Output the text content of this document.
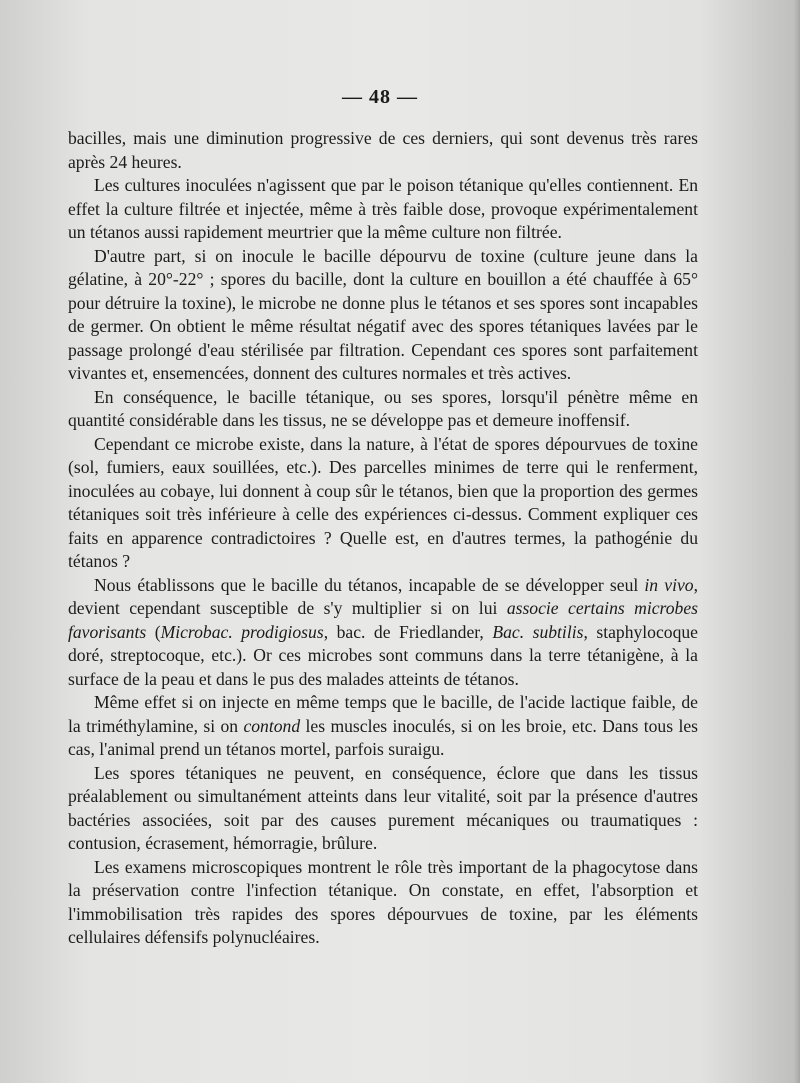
— 48 —

bacilles, mais une diminution progressive de ces derniers, qui sont devenus très rares après 24 heures.

Les cultures inoculées n'agissent que par le poison tétanique qu'elles contiennent. En effet la culture filtrée et injectée, même à très faible dose, provoque expérimentalement un tétanos aussi rapidement meurtrier que la même culture non filtrée.

D'autre part, si on inocule le bacille dépourvu de toxine (culture jeune dans la gélatine, à 20°-22° ; spores du bacille, dont la culture en bouillon a été chauffée à 65° pour détruire la toxine), le microbe ne donne plus le tétanos et ses spores sont incapables de germer. On obtient le même résultat négatif avec des spores tétaniques lavées par le passage prolongé d'eau stérilisée par filtration. Cependant ces spores sont parfaitement vivantes et, ensemencées, donnent des cultures normales et très actives.

En conséquence, le bacille tétanique, ou ses spores, lorsqu'il pénètre même en quantité considérable dans les tissus, ne se développe pas et demeure inoffensif.

Cependant ce microbe existe, dans la nature, à l'état de spores dépourvues de toxine (sol, fumiers, eaux souillées, etc.). Des parcelles minimes de terre qui le renferment, inoculées au cobaye, lui donnent à coup sûr le tétanos, bien que la proportion des germes tétaniques soit très inférieure à celle des expériences ci-dessus. Comment expliquer ces faits en apparence contradictoires ? Quelle est, en d'autres termes, la pathogénie du tétanos ?

Nous établissons que le bacille du tétanos, incapable de se développer seul in vivo, devient cependant susceptible de s'y multiplier si on lui associe certains microbes favorisants (Microbac. prodigiosus, bac. de Friedlander, Bac. subtilis, staphylocoque doré, streptocoque, etc.). Or ces microbes sont communs dans la terre tétanigène, à la surface de la peau et dans le pus des malades atteints de tétanos.

Même effet si on injecte en même temps que le bacille, de l'acide lactique faible, de la triméthylamine, si on contond les muscles inoculés, si on les broie, etc. Dans tous les cas, l'animal prend un tétanos mortel, parfois suraigu.

Les spores tétaniques ne peuvent, en conséquence, éclore que dans les tissus préalablement ou simultanément atteints dans leur vitalité, soit par la présence d'autres bactéries associées, soit par des causes purement mécaniques ou traumatiques : contusion, écrasement, hémorragie, brûlure.

Les examens microscopiques montrent le rôle très important de la phagocytose dans la préservation contre l'infection tétanique. On constate, en effet, l'absorption et l'immobilisation très rapides des spores dépourvues de toxine, par les éléments cellulaires défensifs polynucléaires.
